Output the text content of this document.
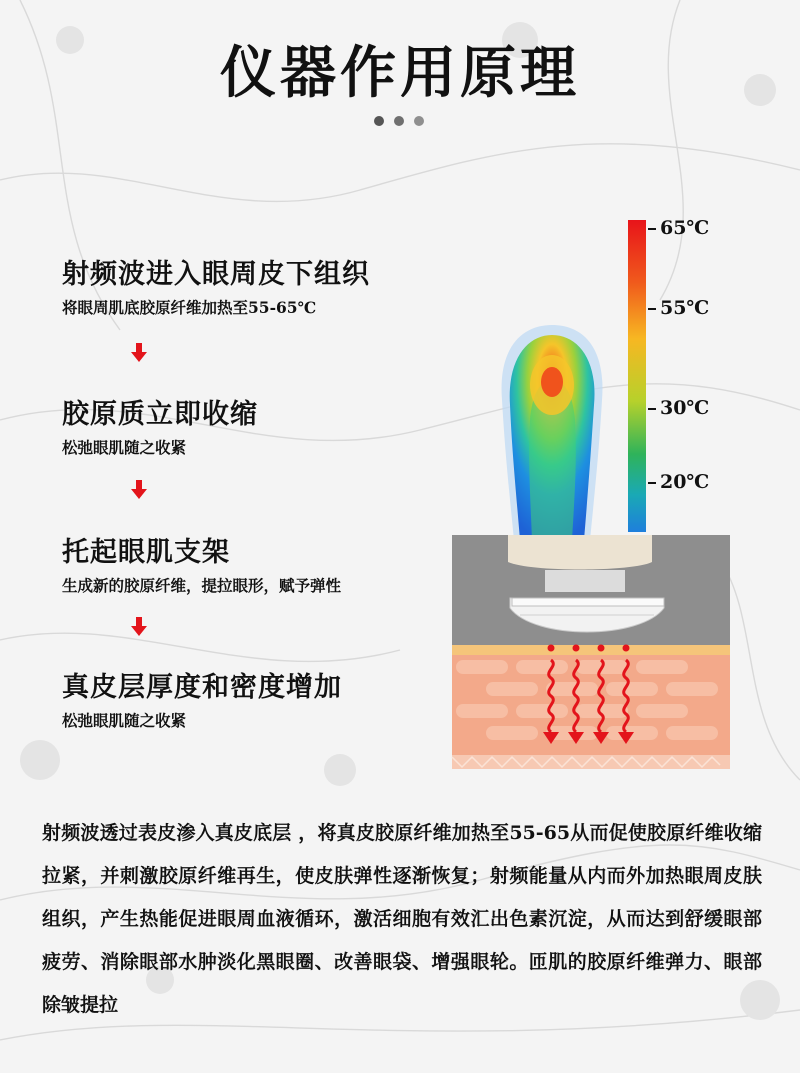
仪器作用原理
射频波进入眼周皮下组织

将眼周肌底胶原纤维加热至55-65℃

胶原质立即收缩

松弛眼肌随之收紧

托起眼肌支架

生成新的胶原纤维，提拉眼形，赋予弹性

真皮层厚度和密度增加

松弛眼肌随之收紧

65℃
55℃
30℃
20℃
射频波透过表皮渗入真皮底层 ，将真皮胶原纤维加热至55-65从而促使胶原纤维收缩拉紧，并刺激胶原纤维再生，使皮肤弹性逐渐恢复；射频能量从内而外加热眼周皮肤组织，产生热能促进眼周血液循环，激活细胞有效汇出色素沉淀，从而达到舒缓眼部疲劳、消除眼部水肿淡化黑眼圈、改善眼袋、增强眼轮。匝肌的胶原纤维弹力、眼部除皱提拉
